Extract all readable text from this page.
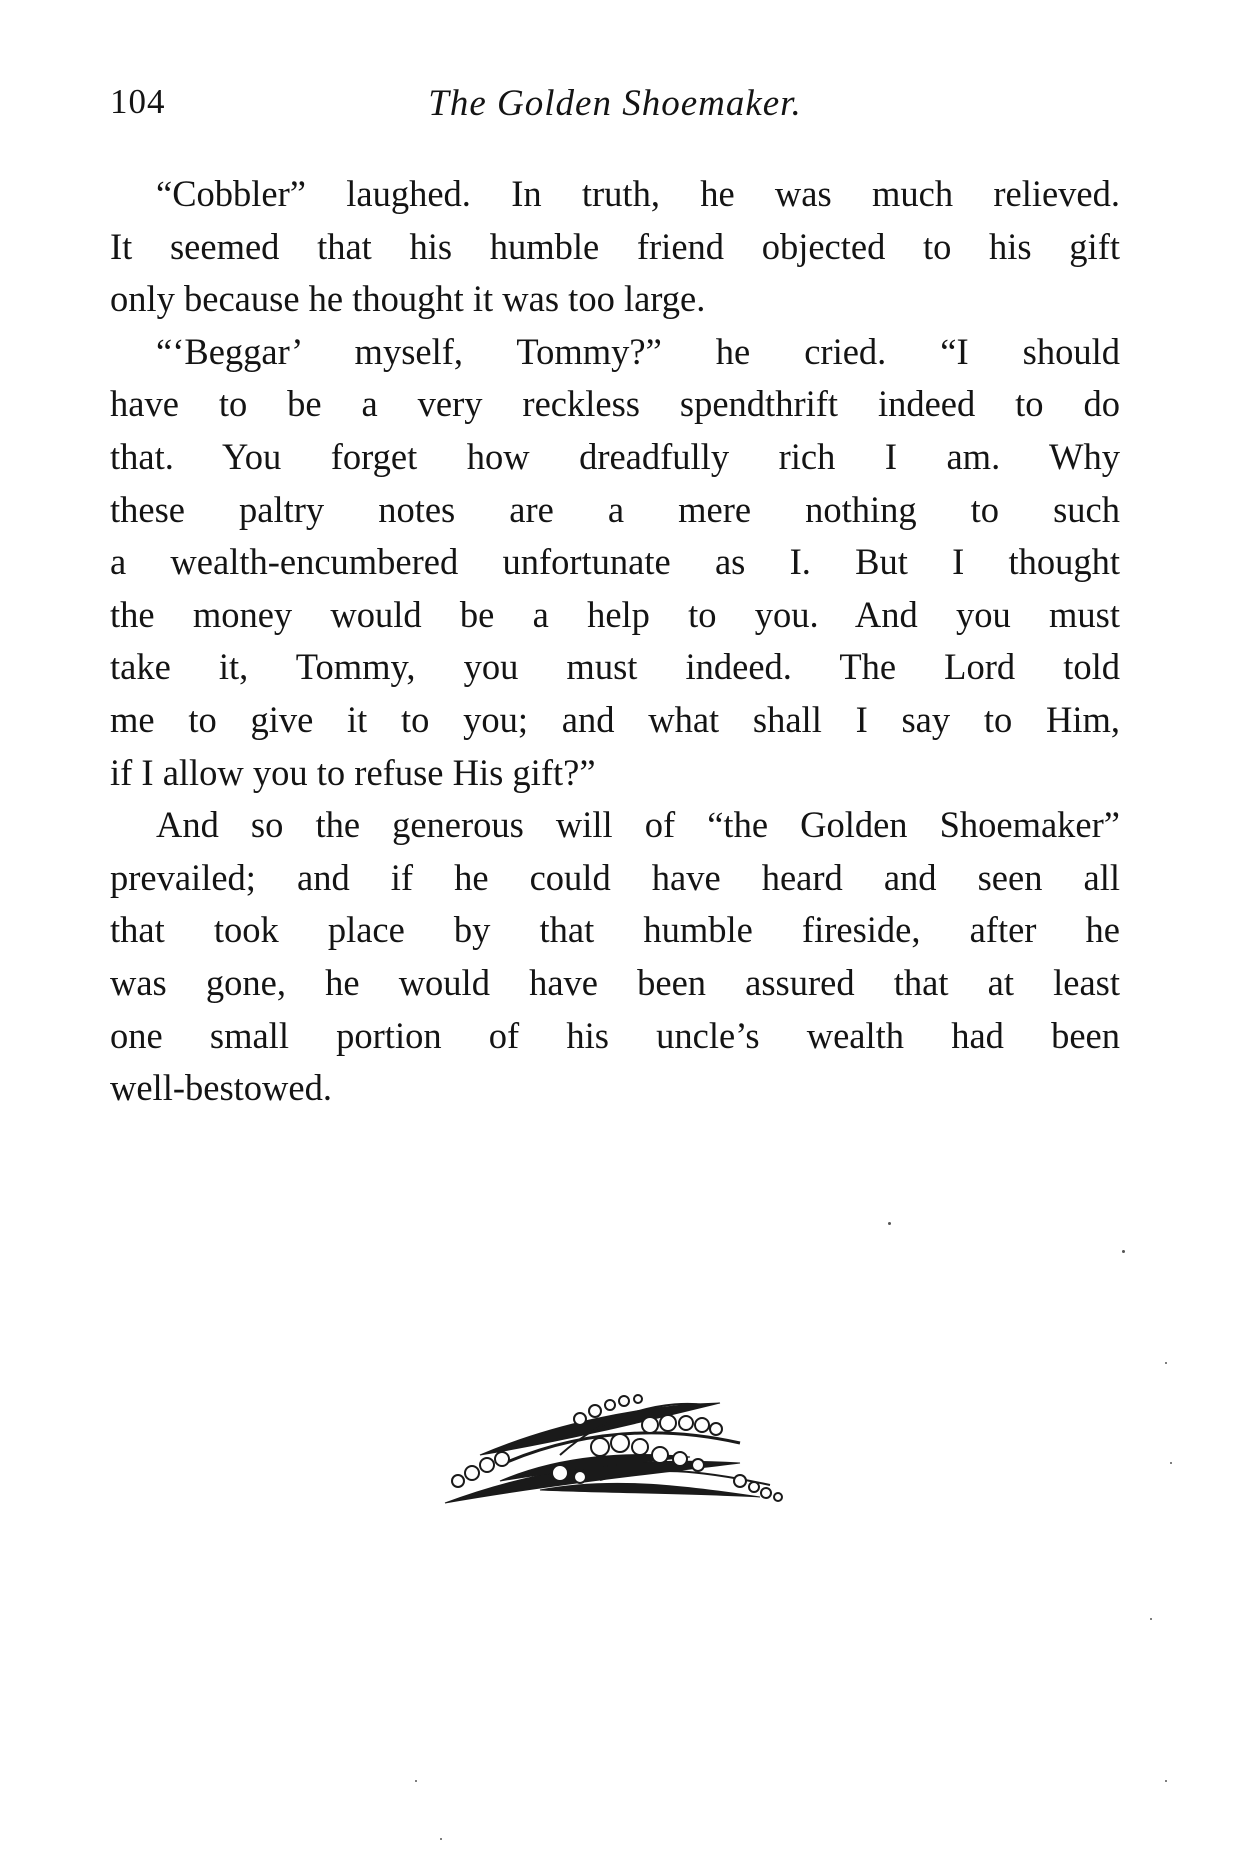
104	The Golden Shoemaker.
“Cobbler” laughed. In truth, he was much relieved.
It seemed that his humble friend objected to his gift
only because he thought it was too large.
“‘Beggar’ myself, Tommy?” he cried. “I should
have to be a very reckless spendthrift indeed to do
that. You forget how dreadfully rich I am. Why
these paltry notes are a mere nothing to such
a wealth-encumbered unfortunate as I. But I thought
the money would be a help to you. And you must
take it, Tommy, you must indeed. The Lord told
me to give it to you; and what shall I say to Him,
if I allow you to refuse His gift?”
And so the generous will of “the Golden Shoemaker”
prevailed; and if he could have heard and seen all
that took place by that humble fireside, after he
was gone, he would have been assured that at least
one small portion of his uncle’s wealth had been
well-bestowed.
